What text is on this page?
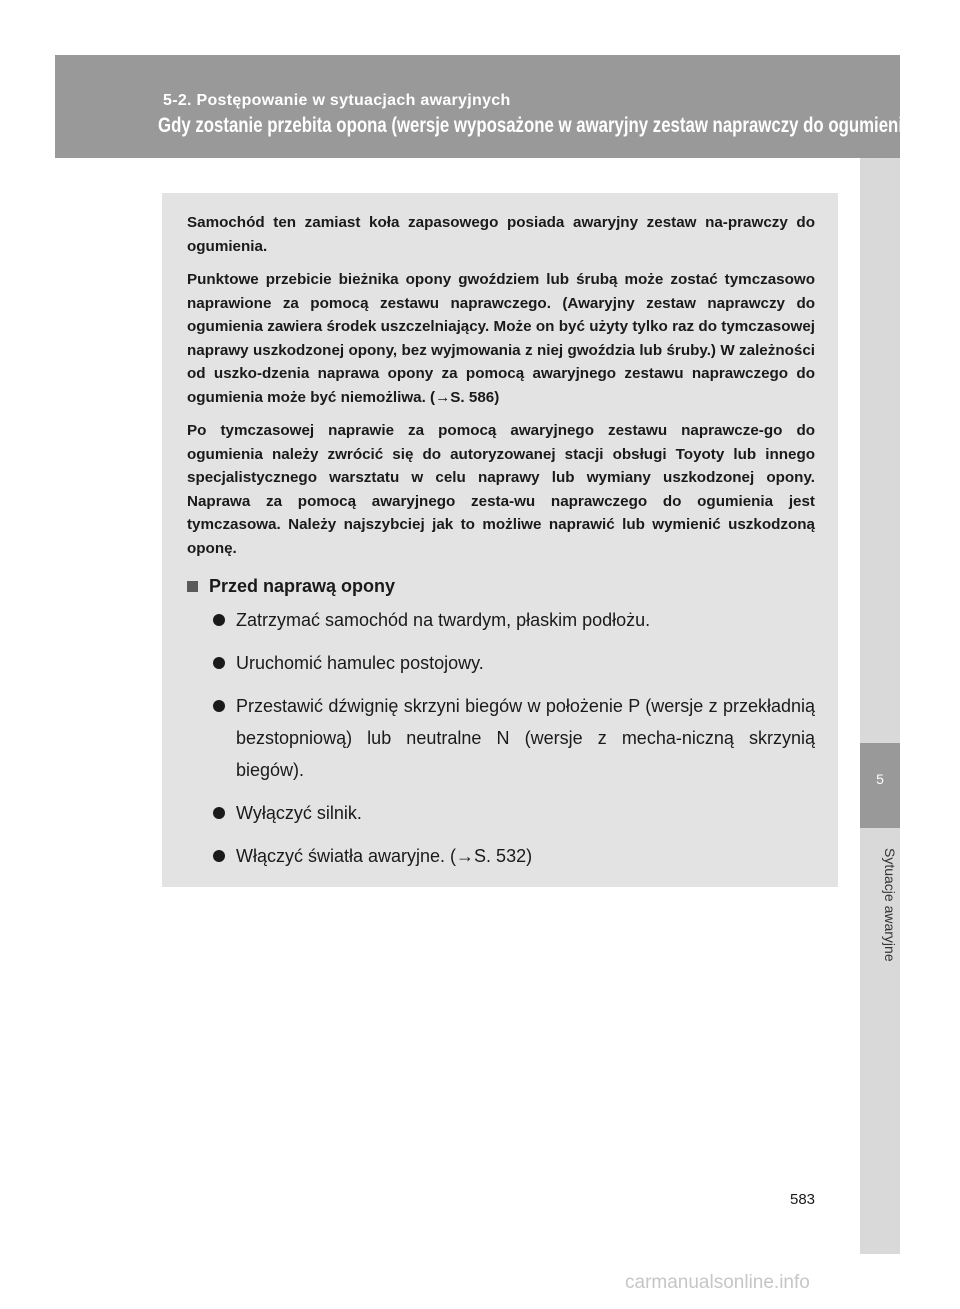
5-2. Postępowanie w sytuacjach awaryjnych
Gdy zostanie przebita opona (wersje wyposażone w awaryjny zestaw naprawczy do ogumienia)
5
Sytuacje awaryjne

Samochód ten zamiast koła zapasowego posiada awaryjny zestaw na-prawczy do ogumienia.

Punktowe przebicie bieżnika opony gwoździem lub śrubą może zostać tymczasowo naprawione za pomocą zestawu naprawczego. (Awaryjny zestaw naprawczy do ogumienia zawiera środek uszczelniający. Może on być użyty tylko raz do tymczasowej naprawy uszkodzonej opony, bez wyjmowania z niej gwoździa lub śruby.) W zależności od uszko-dzenia naprawa opony za pomocą awaryjnego zestawu naprawczego do ogumienia może być niemożliwa. (→S. 586)

Po tymczasowej naprawie za pomocą awaryjnego zestawu naprawcze-go do ogumienia należy zwrócić się do autoryzowanej stacji obsługi Toyoty lub innego specjalistycznego warsztatu w celu naprawy lub wymiany uszkodzonej opony. Naprawa za pomocą awaryjnego zesta-wu naprawczego do ogumienia jest tymczasowa. Należy najszybciej jak to możliwe naprawić lub wymienić uszkodzoną oponę.

Przed naprawą opony
Zatrzymać samochód na twardym, płaskim podłożu.
Uruchomić hamulec postojowy.
Przestawić dźwignię skrzyni biegów w położenie P (wersje z przekładnią bezstopniową) lub neutralne N (wersje z mecha-niczną skrzynią biegów).
Wyłączyć silnik.
Włączyć światła awaryjne. (→S. 532)
583
carmanualsonline.info
